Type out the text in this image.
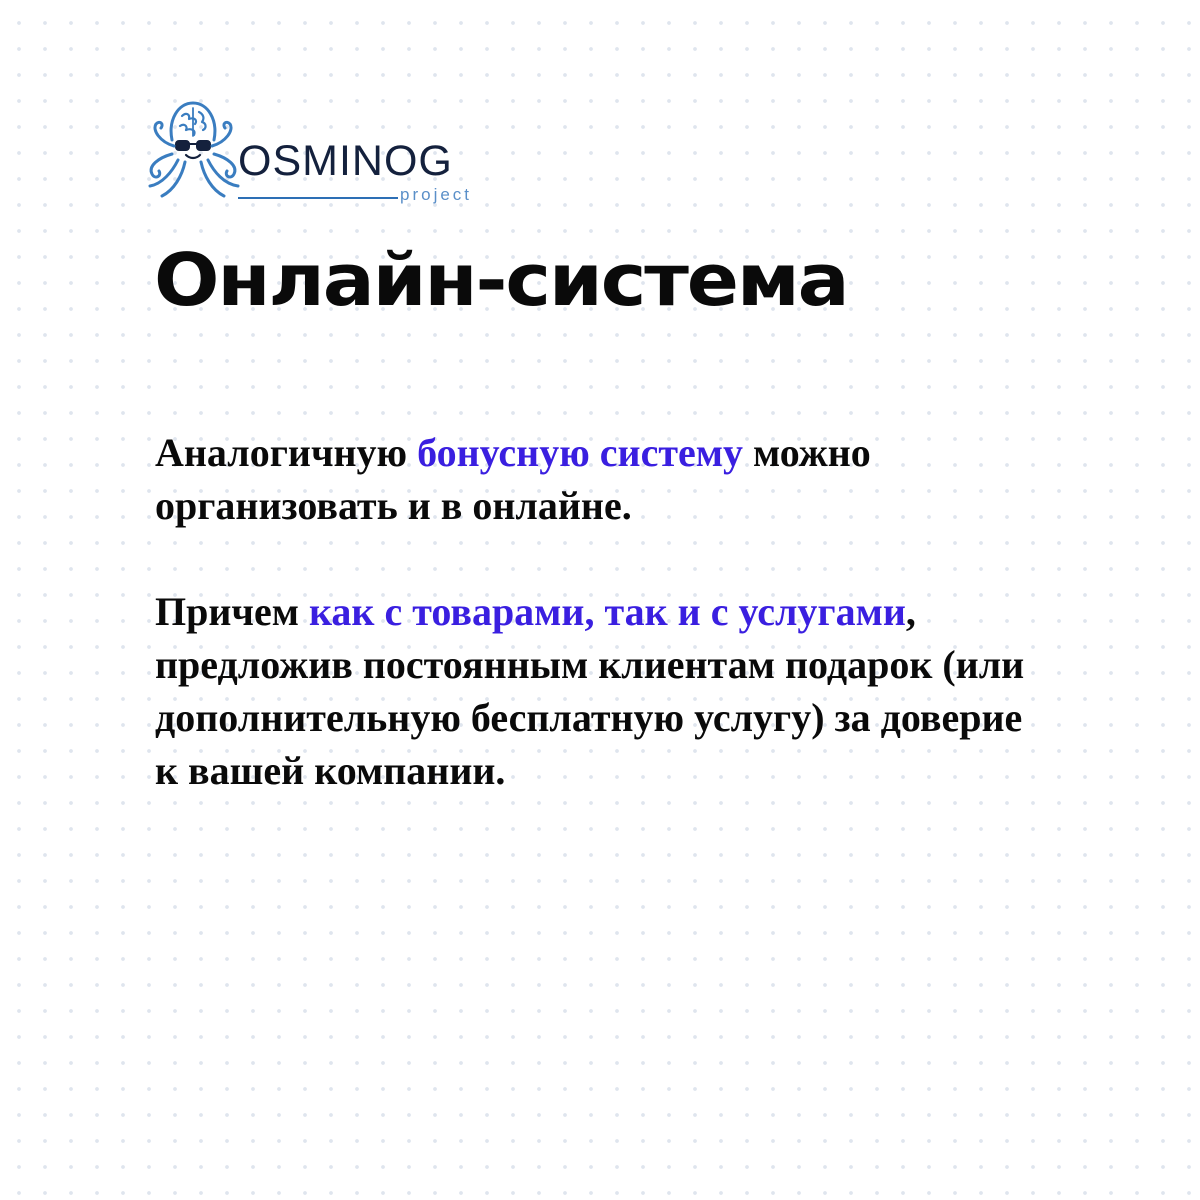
OSMINOG
project
Онлайн-система

Аналогичную бонусную систему можно организовать и в онлайне.

Причем как с товарами, так и с услугами, предложив постоянным клиентам подарок (или дополнительную бесплатную услугу) за доверие к вашей компании.
